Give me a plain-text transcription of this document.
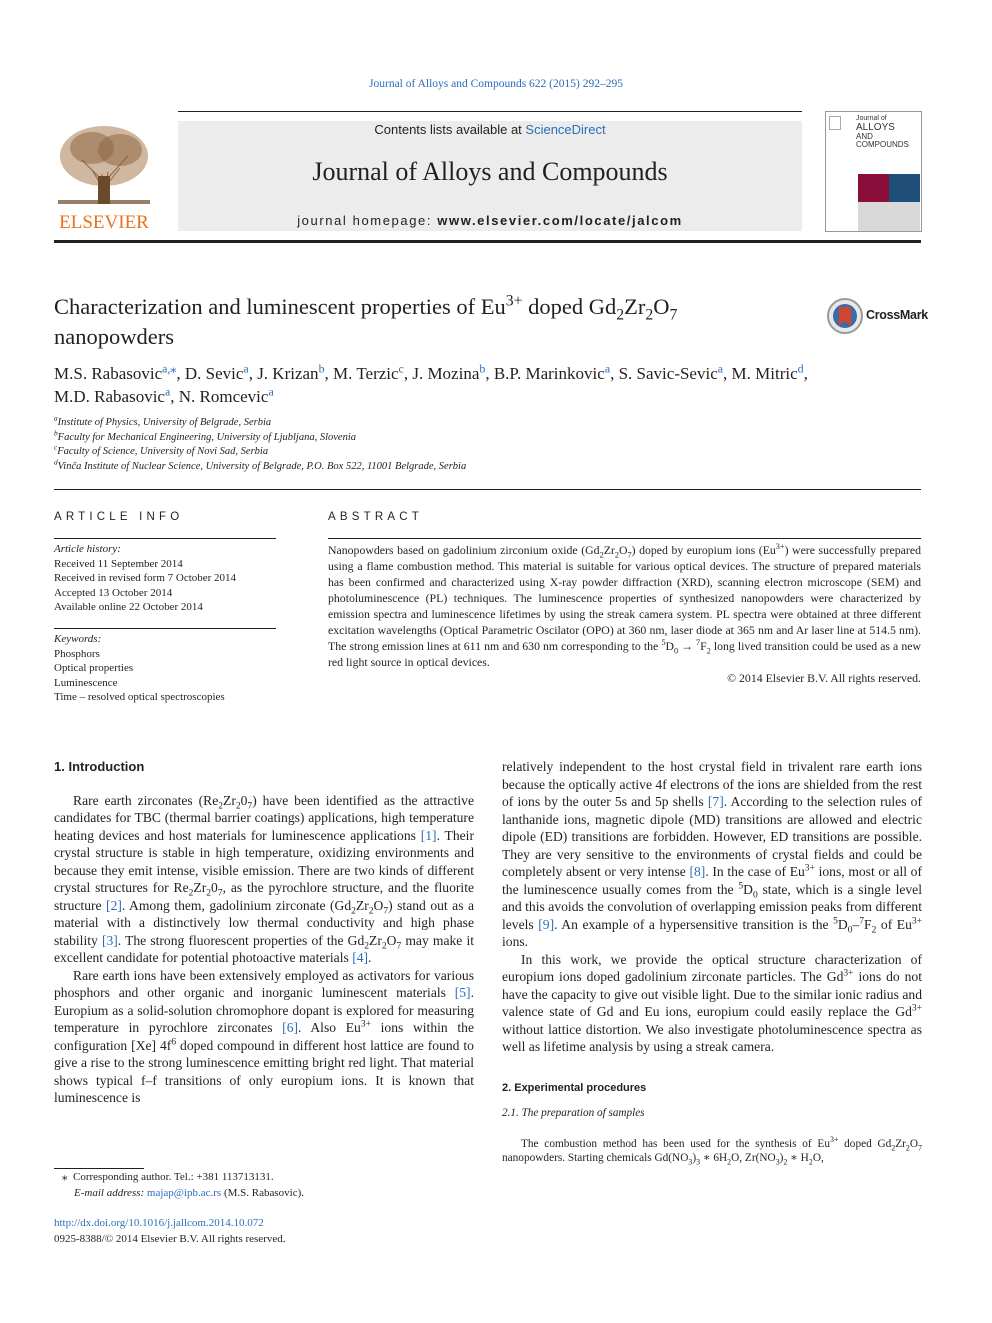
Journal of Alloys and Compounds 622 (2015) 292–295
ELSEVIER
Contents lists available at ScienceDirect
Journal of Alloys and Compounds
journal homepage: www.elsevier.com/locate/jalcom
Journal of
ALLOYS
AND COMPOUNDS
Characterization and luminescent properties of $Eu^{3+}$ doped $Gd_2Zr_2O_7$
nanopowders
CrossMark
M.S. Rabasovic$^{a,⁎}$, D. Sevic$^a$, J. Krizan$^b$, M. Terzic$^c$, J. Mozina$^b$, B.P. Marinkovic$^a$, S. Savic-Sevic$^a$, M. Mitric$^d$,
M.D. Rabasovic$^a$, N. Romcevic$^a$
$^a$Institute of Physics, University of Belgrade, Serbia
$^b$Faculty for Mechanical Engineering, University of Ljubljana, Slovenia
$^c$Faculty of Science, University of Novi Sad, Serbia
$^d$Vinča Institute of Nuclear Science, University of Belgrade, P.O. Box 522, 11001 Belgrade, Serbia
ARTICLE INFO
Article history:
Received 11 September 2014
Received in revised form 7 October 2014
Accepted 13 October 2014
Available online 22 October 2014
Keywords:
Phosphors
Optical properties
Luminescence
Time – resolved optical spectroscopies
ABSTRACT
Nanopowders based on gadolinium zirconium oxide $(Gd_2Zr_2O_7)$ doped by europium ions $(Eu^{3+})$ were successfully prepared using a flame combustion method. This material is suitable for various optical devices. The structure of prepared materials has been confirmed and characterized using X-ray powder diffraction (XRD), scanning electron microscope (SEM) and photoluminescence (PL) techniques. The luminescence properties of synthesized nanopowders were characterized by emission spectra and luminescence lifetimes by using the streak camera system. PL spectra were obtained at three different excitation wavelengths (Optical Parametric Oscilator (OPO) at 360 nm, laser diode at 365 nm and Ar laser line at 514.5 nm). The strong emission lines at 611 nm and 630 nm corresponding to the $^5D_0 \to ^7F_2$ long lived transition could be used as a new red light source in optical devices.
© 2014 Elsevier B.V. All rights reserved.
1. Introduction

Rare earth zirconates $(Re_2Zr_20_7)$ have been identified as the attractive candidates for TBC (thermal barrier coatings) applications, high temperature heating devices and host materials for luminescence applications [1]. Their crystal structure is stable in high temperature, oxidizing environments and because they emit intense, visible emission. There are two kinds of different crystal structures for $Re_2Zr_20_7$, as the pyrochlore structure, and the fluorite structure [2]. Among them, gadolinium zirconate $(Gd_2Zr_2O_7)$ stand out as a material with a distinctively low thermal conductivity and high phase stability [3]. The strong fluorescent properties of the $Gd_2Zr_2O_7$ may make it excellent candidate for potential photoactive materials [4].

Rare earth ions have been extensively employed as activators for various phosphors and other organic and inorganic luminescent materials [5]. Europium as a solid-solution chromophore dopant is explored for measuring temperature in pyrochlore zirconates [6]. Also $Eu^{3+}$ ions within the configuration [Xe] $4f^6$ doped compound in different host lattice are found to give a rise to the strong luminescence emitting bright red light. That material shows typical f–f transitions of only europium ions. It is known that luminescence is

relatively independent to the host crystal field in trivalent rare earth ions because the optically active 4f electrons of the ions are shielded from the rest of ions by the outer 5s and 5p shells [7]. According to the selection rules of lanthanide ions, magnetic dipole (MD) transitions are allowed and electric dipole (ED) transitions are forbidden. However, ED transitions are possible. They are very sensitive to the environments of crystal fields and could be completely absent or very intense [8]. In the case of $Eu^{3+}$ ions, most or all of the luminescence usually comes from the $^5D_0$ state, which is a single level and this avoids the convolution of overlapping emission peaks from different levels [9]. An example of a hypersensitive transition is the $^5D_0-^7F_2$ of $Eu^{3+}$ ions.

In this work, we provide the optical structure characterization of europium ions doped gadolinium zirconate particles. The $Gd^{3+}$ ions do not have the capacity to give out visible light. Due to the similar ionic radius and valence state of Gd and Eu ions, europium could easily replace the $Gd^{3+}$ without lattice distortion. We also investigate photoluminescence spectra as well as lifetime analysis by using a streak camera.

2. Experimental procedures
2.1. The preparation of samples

The combustion method has been used for the synthesis of $Eu^{3+}$ doped $Gd_2Zr_2O_7$ nanopowders. Starting chemicals $Gd(NO_3)_3$ ∗ $6H_2O$, $Zr(NO_3)_2$ ∗ $H_2O$,

⁎ Corresponding author. Tel.: +381 113713131.
E-mail address: majap@ipb.ac.rs (M.S. Rabasovic).
http://dx.doi.org/10.1016/j.jallcom.2014.10.072
0925-8388/© 2014 Elsevier B.V. All rights reserved.
